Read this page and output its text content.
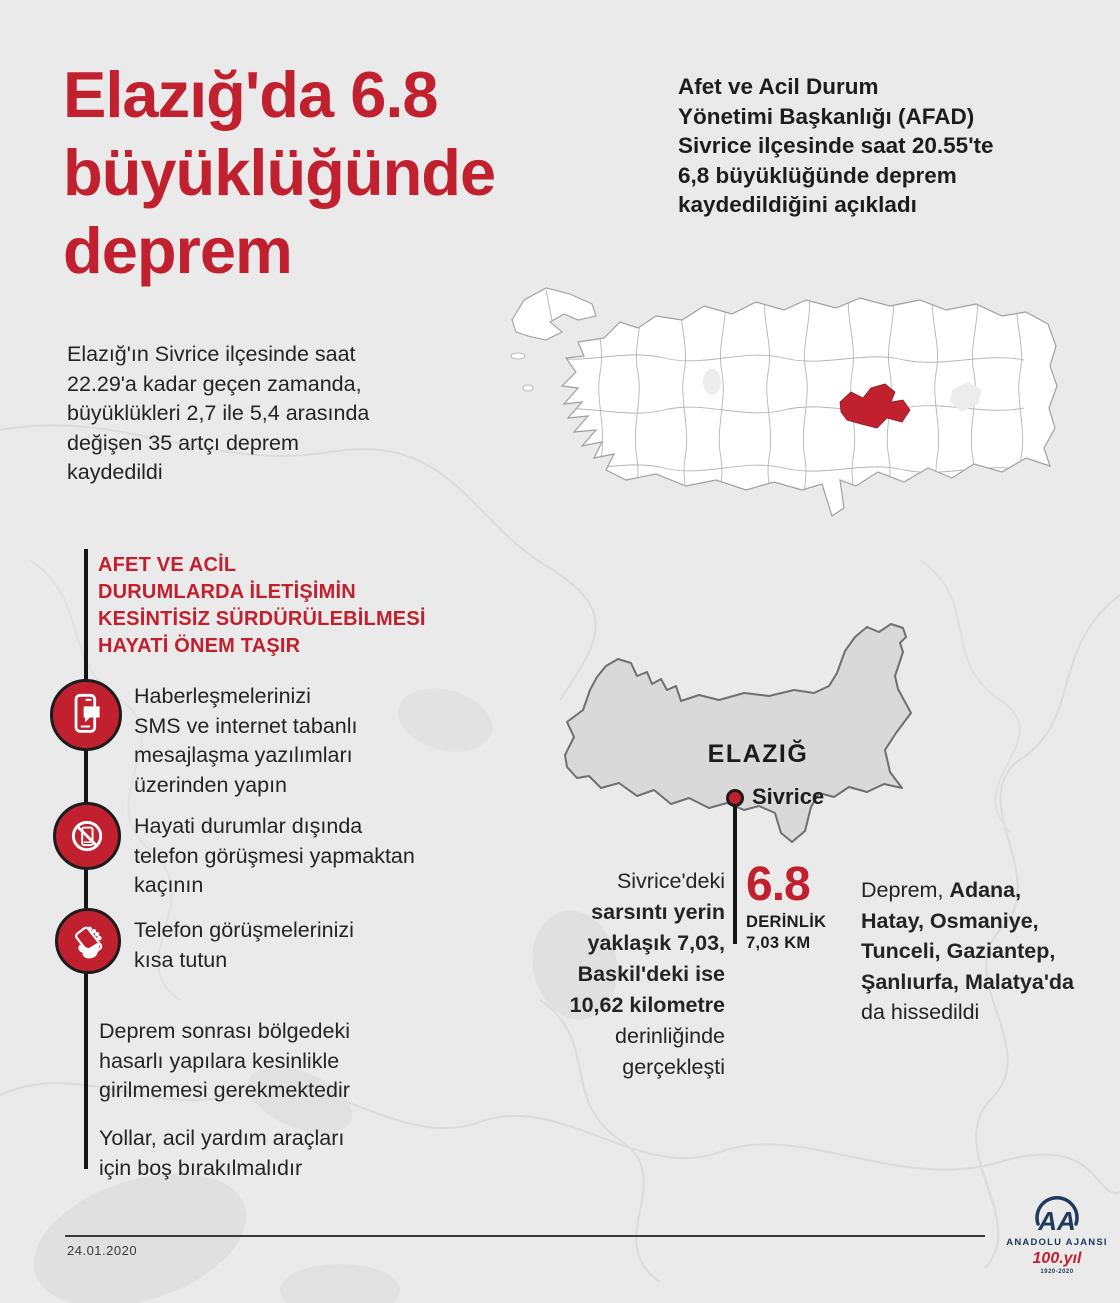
Elazığ'da 6.8
büyüklüğünde
deprem
Afet ve Acil Durum
Yönetimi Başkanlığı (AFAD)
Sivrice ilçesinde saat 20.55'te
6,8 büyüklüğünde deprem
kaydedildiğini açıkladı
Elazığ'ın Sivrice ilçesinde saat
22.29'a kadar geçen zamanda,
büyüklükleri 2,7 ile 5,4 arasında
değişen 35 artçı deprem
kaydedildi
AFET VE ACİL
DURUMLARDA İLETİŞİMİN
KESİNTİSİZ SÜRDÜRÜLEBİLMESİ
HAYATİ ÖNEM TAŞIR
Haberleşmelerinizi
SMS ve internet tabanlı
mesajlaşma yazılımları
üzerinden yapın
Hayati durumlar dışında
telefon görüşmesi yapmaktan
kaçının
Telefon görüşmelerinizi
kısa tutun
Deprem sonrası bölgedeki
hasarlı yapılara kesinlikle
girilmemesi gerekmektedir
Yollar, acil yardım araçları
için boş bırakılmalıdır
ELAZIĞ
Sivrice
6.8
DERİNLİK
7,03 KM
Sivrice'deki
sarsıntı yerin
yaklaşık 7,03,
Baskil'deki ise
10,62 kilometre
derinliğinde
gerçekleşti
Deprem, Adana,
Hatay, Osmaniye,
Tunceli, Gaziantep,
Şanlıurfa, Malatya'da
da hissedildi
24.01.2020
AA
ANADOLU AJANSI
100.yıl
1920-2020
